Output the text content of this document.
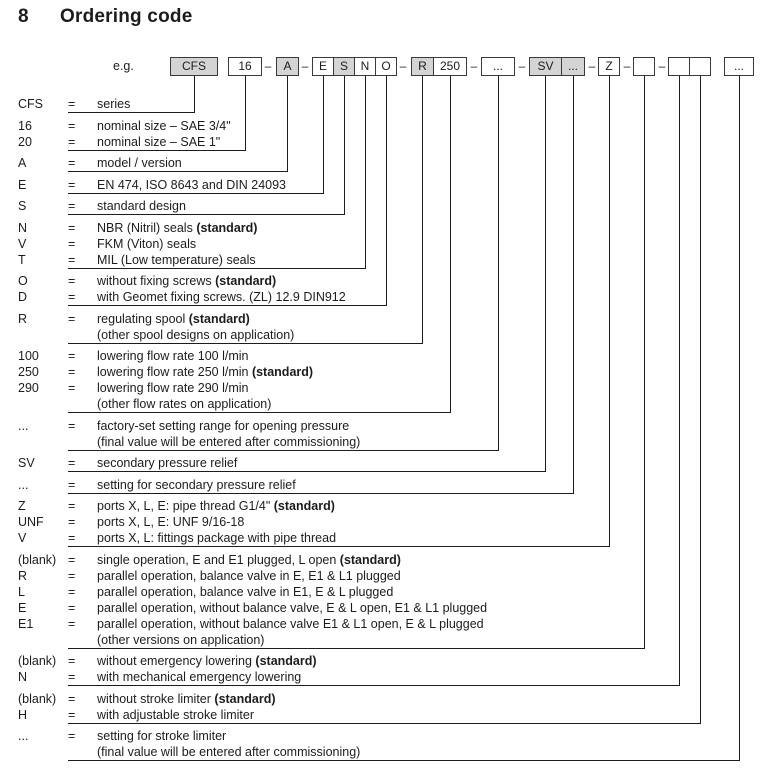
8 Ordering code
e.g.	CFS	16	–	A – E	S	N	O – R	250 –	...	–	SV	... – Z – –	...
CFS = series
16	= nominal size – SAE 3/4"
20	= nominal size – SAE 1"
A	= model / version
E	= EN 474, ISO 8643 and DIN 24093
S	= standard design
N	= NBR (Nitril) seals (standard)
V	= FKM (Viton) seals
T	= MIL (Low temperature) seals
O	= without fixing screws (standard)
D	= with Geomet fixing screws. (ZL) 12.9 DIN912
R	= regulating spool (standard)
(other spool designs on application)
100 = lowering flow rate 100 l/min
250 = lowering flow rate 250 l/min (standard)
290 = lowering flow rate 290 l/min
(other flow rates on application)
...	= factory-set setting range for opening pressure
(final value will be entered after commissioning)
SV	= secondary pressure relief
...	= setting for secondary pressure relief
Z	= ports X, L, E: pipe thread G1/4" (standard)
UNF = ports X, L, E: UNF 9/16-18
V	= ports X, L: fittings package with pipe thread
(blank) = single operation, E and E1 plugged, L open (standard)
R	= parallel operation, balance valve in E, E1 & L1 plugged
L	= parallel operation, balance valve in E1, E & L plugged
E	= parallel operation, without balance valve, E & L open, E1 & L1 plugged
E1	= parallel operation, without balance valve E1 & L1 open, E & L plugged
(other versions on application)
(blank) = without emergency lowering (standard)
N	= with mechanical emergency lowering
(blank) = without stroke limiter (standard)
H	= with adjustable stroke limiter
...	= setting for stroke limiter
(final value will be entered after commissioning)
